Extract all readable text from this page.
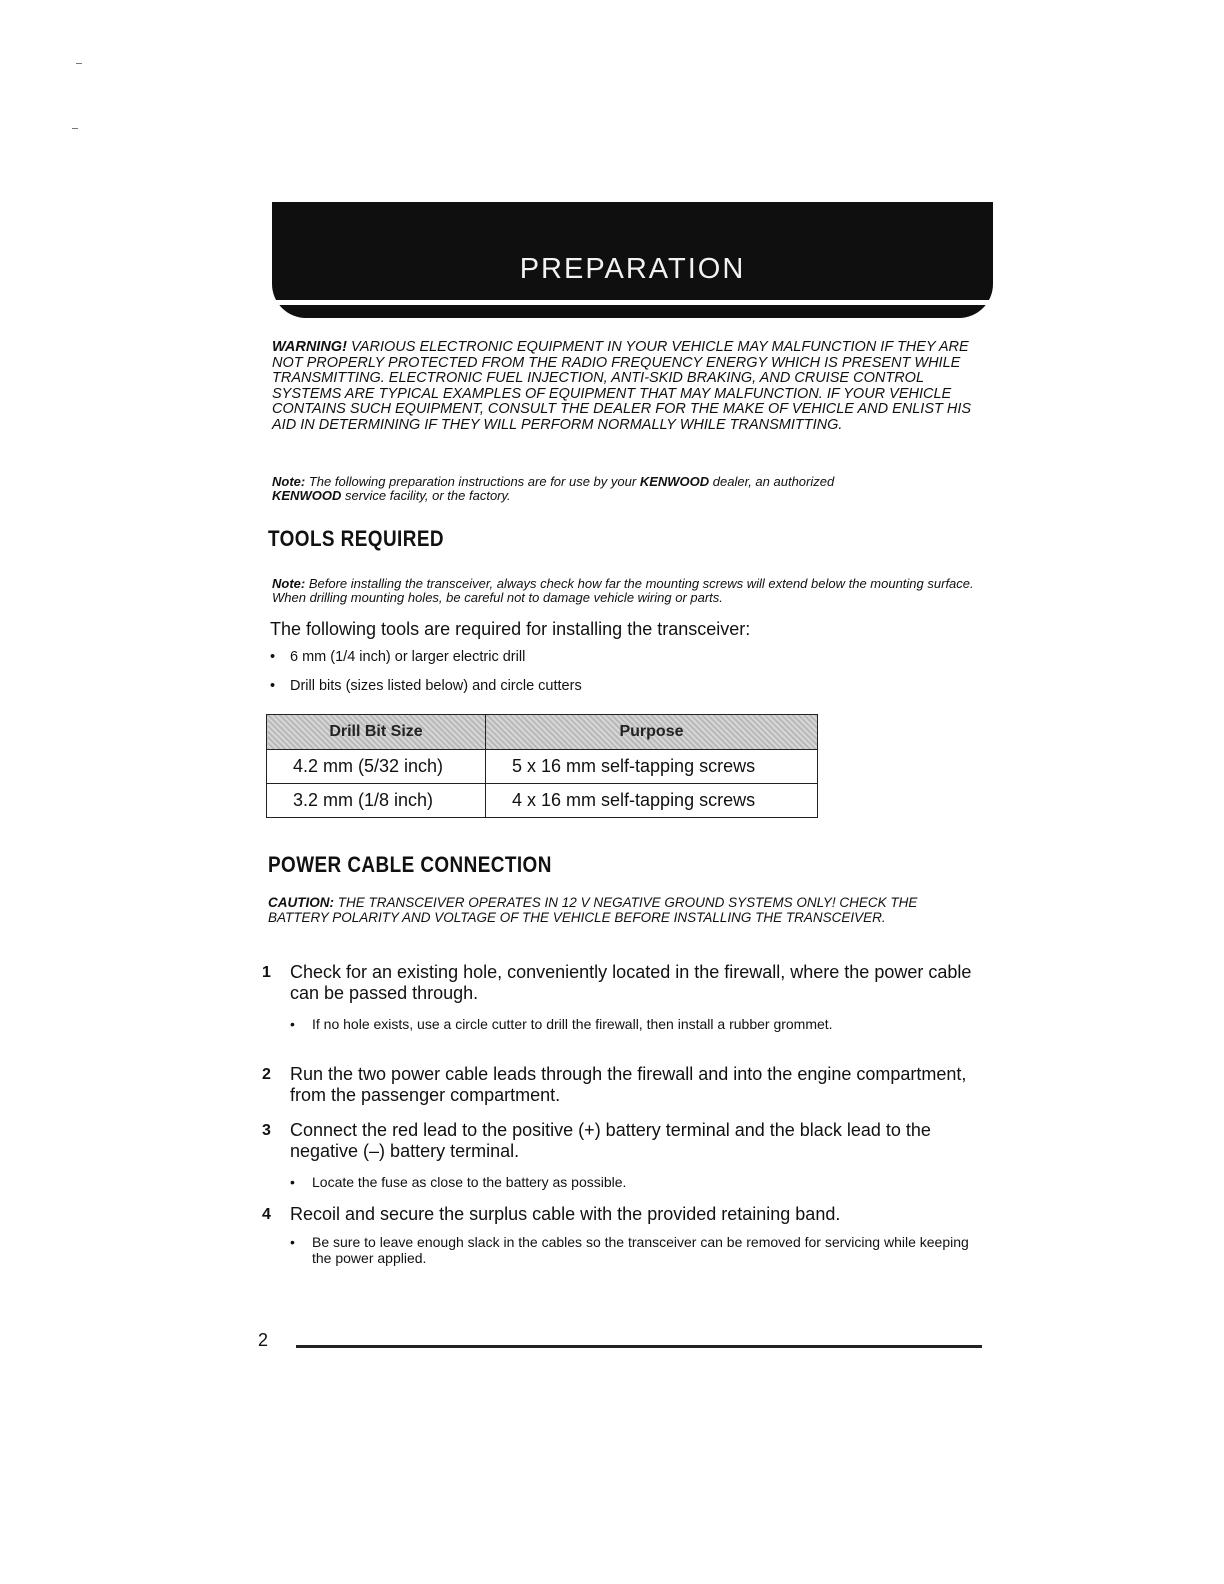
PREPARATION
WARNING! VARIOUS ELECTRONIC EQUIPMENT IN YOUR VEHICLE MAY MALFUNCTION IF THEY ARE NOT PROPERLY PROTECTED FROM THE RADIO FREQUENCY ENERGY WHICH IS PRESENT WHILE TRANSMITTING. ELECTRONIC FUEL INJECTION, ANTI-SKID BRAKING, AND CRUISE CONTROL SYSTEMS ARE TYPICAL EXAMPLES OF EQUIPMENT THAT MAY MALFUNCTION. IF YOUR VEHICLE CONTAINS SUCH EQUIPMENT, CONSULT THE DEALER FOR THE MAKE OF VEHICLE AND ENLIST HIS AID IN DETERMINING IF THEY WILL PERFORM NORMALLY WHILE TRANSMITTING.
Note: The following preparation instructions are for use by your KENWOOD dealer, an authorized
KENWOOD service facility, or the factory.
TOOLS REQUIRED
Note: Before installing the transceiver, always check how far the mounting screws will extend below the mounting surface. When drilling mounting holes, be careful not to damage vehicle wiring or parts.
The following tools are required for installing the transceiver:
• 6 mm (1/4 inch) or larger electric drill
• Drill bits (sizes listed below) and circle cutters
Drill Bit Size	Purpose
4.2 mm (5/32 inch)	5 x 16 mm self-tapping screws
3.2 mm (1/8 inch)	4 x 16 mm self-tapping screws
POWER CABLE CONNECTION
CAUTION: THE TRANSCEIVER OPERATES IN 12 V NEGATIVE GROUND SYSTEMS ONLY! CHECK THE BATTERY POLARITY AND VOLTAGE OF THE VEHICLE BEFORE INSTALLING THE TRANSCEIVER.
1 Check for an existing hole, conveniently located in the firewall, where the power cable can be passed through.
• If no hole exists, use a circle cutter to drill the firewall, then install a rubber grommet.
2 Run the two power cable leads through the firewall and into the engine compartment, from the passenger compartment.
3 Connect the red lead to the positive (+) battery terminal and the black lead to the negative (–) battery terminal.
• Locate the fuse as close to the battery as possible.
4 Recoil and secure the surplus cable with the provided retaining band.
• Be sure to leave enough slack in the cables so the transceiver can be removed for servicing while keeping the power applied.
2
